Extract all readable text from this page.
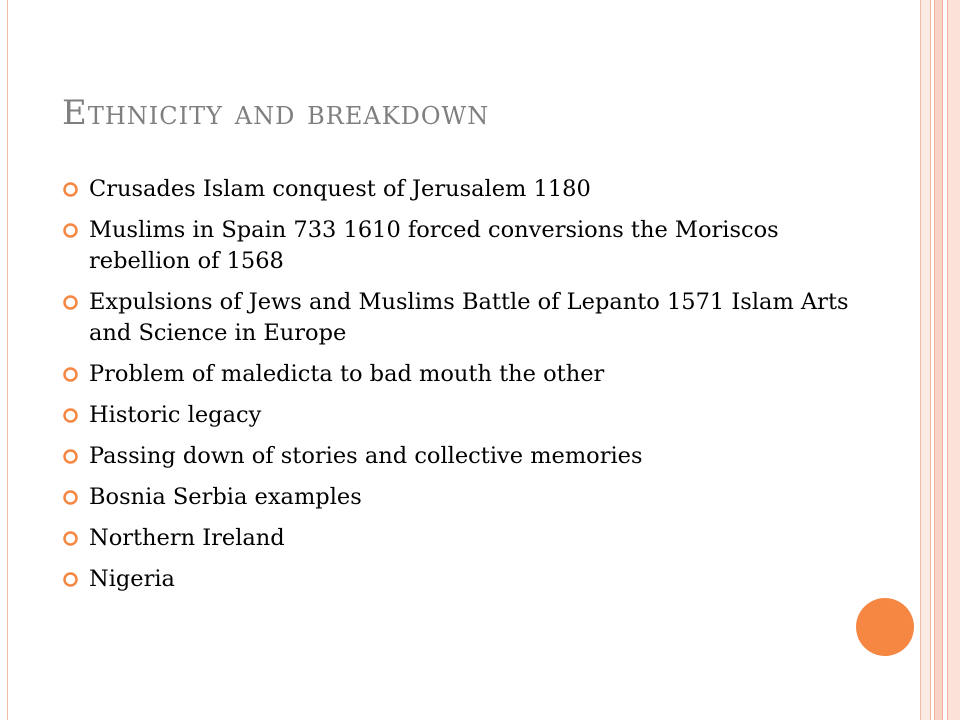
Ethnicity and breakdown
Crusades Islam conquest of Jerusalem 1180
Muslims in Spain 733 1610 forced conversions the Moriscos rebellion of 1568
Expulsions of Jews and Muslims Battle of Lepanto 1571 Islam Arts and Science in Europe
Problem of maledicta to bad mouth the other
Historic legacy
Passing down of stories and collective memories
Bosnia Serbia examples
Northern Ireland
Nigeria
